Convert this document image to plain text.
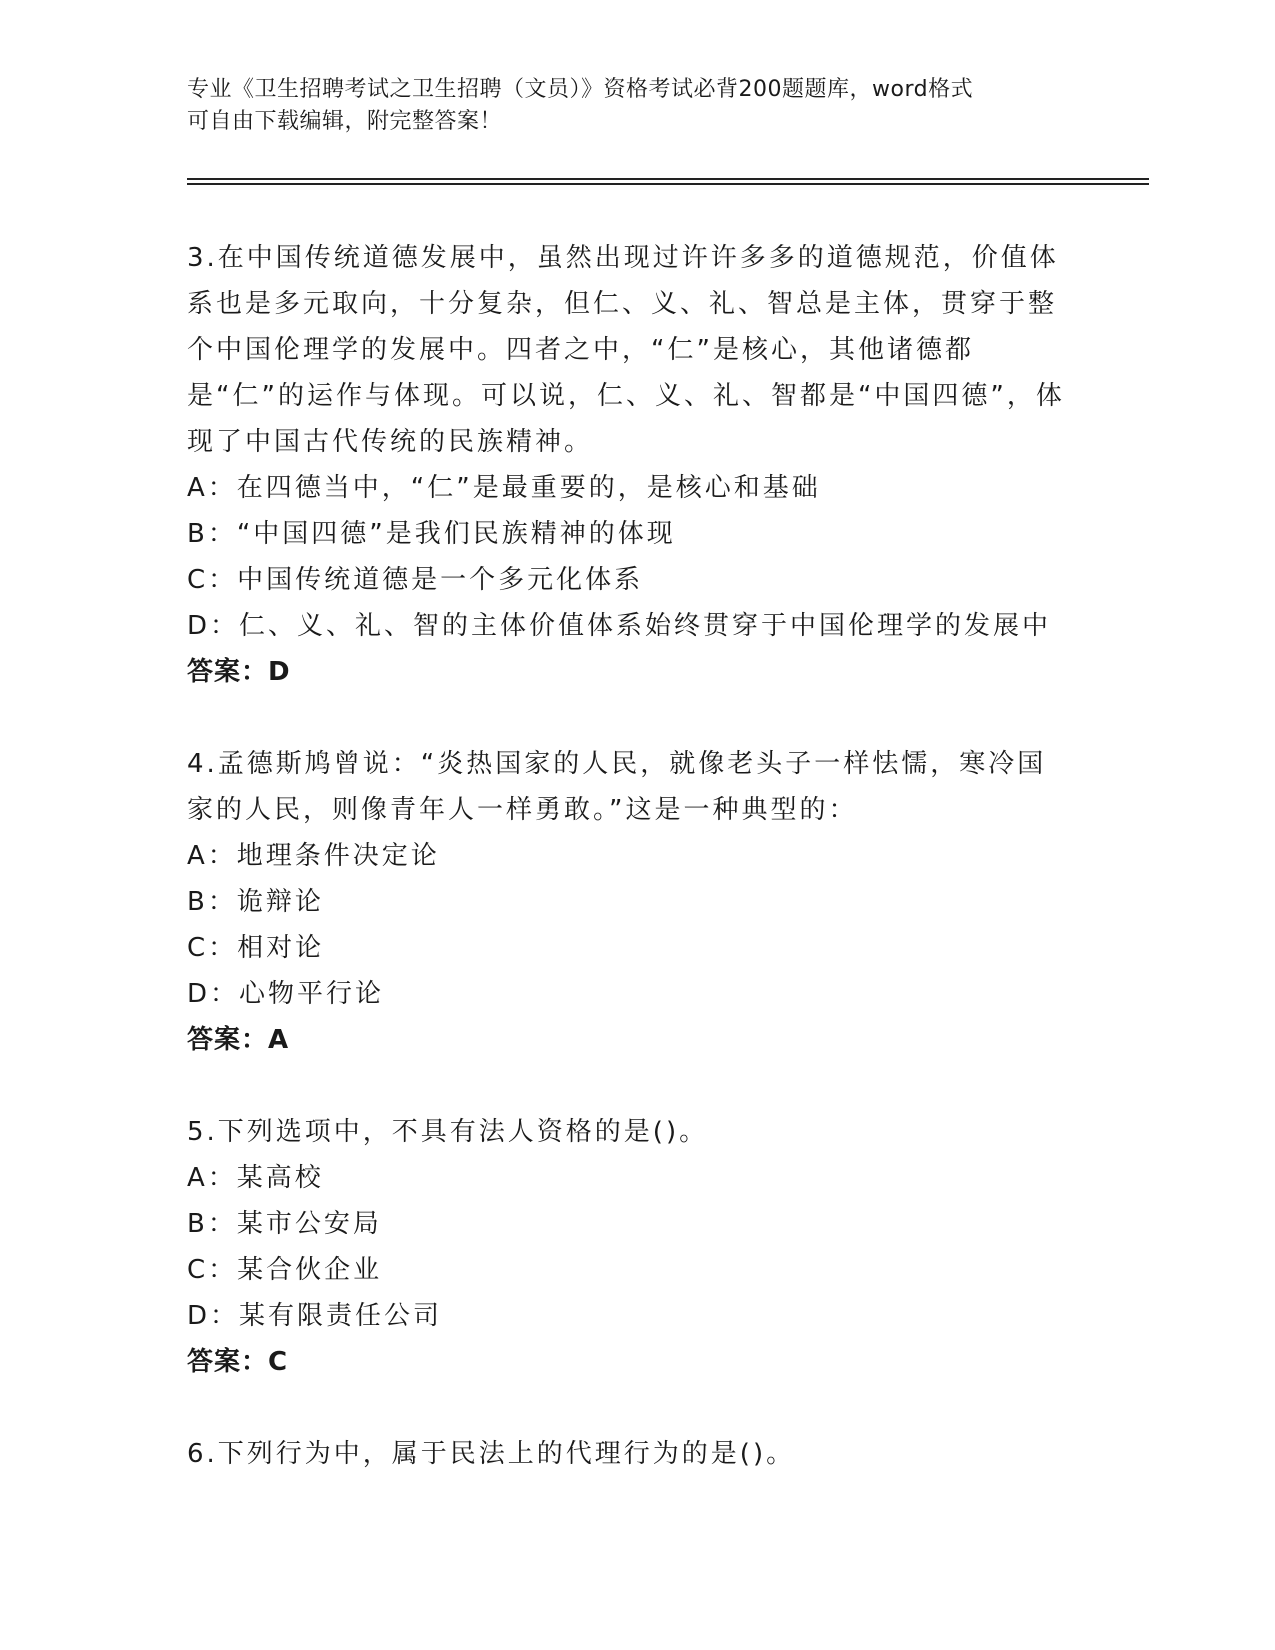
专业《卫生招聘考试之卫生招聘（文员）》资格考试必背200题题库，word格式
可自由下载编辑，附完整答案！

3.在中国传统道德发展中，虽然出现过许许多多的道德规范，价值体系也是多元取向，十分复杂，但仁、义、礼、智总是主体，贯穿于整个中国伦理学的发展中。四者之中，“仁”是核心，其他诸德都是“仁”的运作与体现。可以说，仁、义、礼、智都是“中国四德”，体现了中国古代传统的民族精神。

A：在四德当中，“仁”是最重要的，是核心和基础
B：“中国四德”是我们民族精神的体现
C：中国传统道德是一个多元化体系
D：仁、义、礼、智的主体价值体系始终贯穿于中国伦理学的发展中
答案：D

4.孟德斯鸠曾说：“炎热国家的人民，就像老头子一样怯懦，寒冷国家的人民，则像青年人一样勇敢。”这是一种典型的：

A：地理条件决定论
B：诡辩论
C：相对论
D：心物平行论
答案：A

5.下列选项中，不具有法人资格的是()。

A：某高校
B：某市公安局
C：某合伙企业
D：某有限责任公司
答案：C

6.下列行为中，属于民法上的代理行为的是()。
